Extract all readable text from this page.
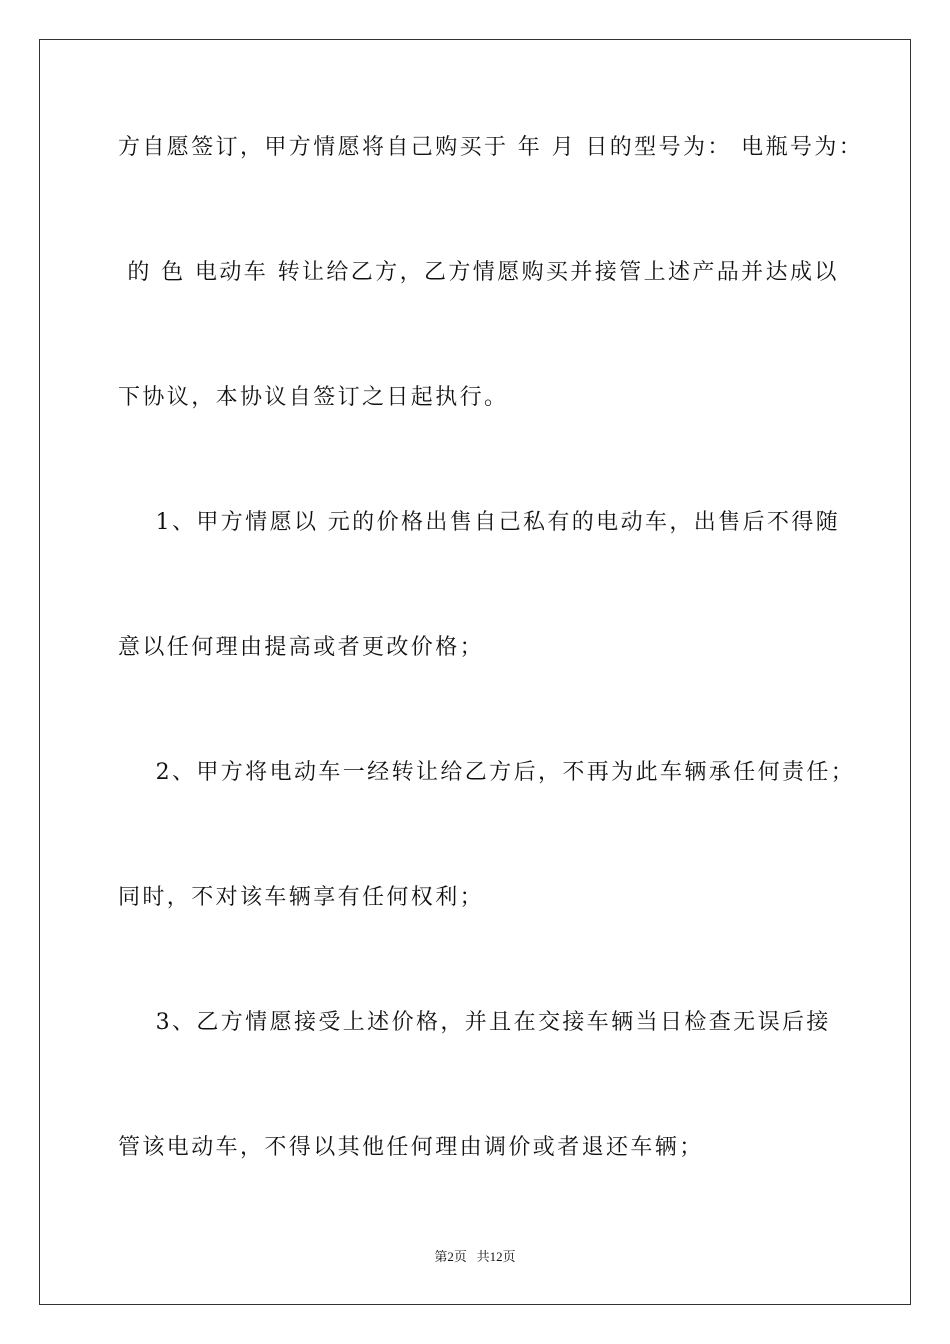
方自愿签订，甲方情愿将自己购买于 年 月 日的型号为： 电瓶号为：
的 色 电动车 转让给乙方，乙方情愿购买并接管上述产品并达成以
下协议，本协议自签订之日起执行。
1、甲方情愿以 元的价格出售自己私有的电动车，出售后不得随
意以任何理由提高或者更改价格；
2、甲方将电动车一经转让给乙方后，不再为此车辆承任何责任；
同时，不对该车辆享有任何权利；
3、乙方情愿接受上述价格，并且在交接车辆当日检查无误后接
管该电动车，不得以其他任何理由调价或者退还车辆；
第2页   共12页
